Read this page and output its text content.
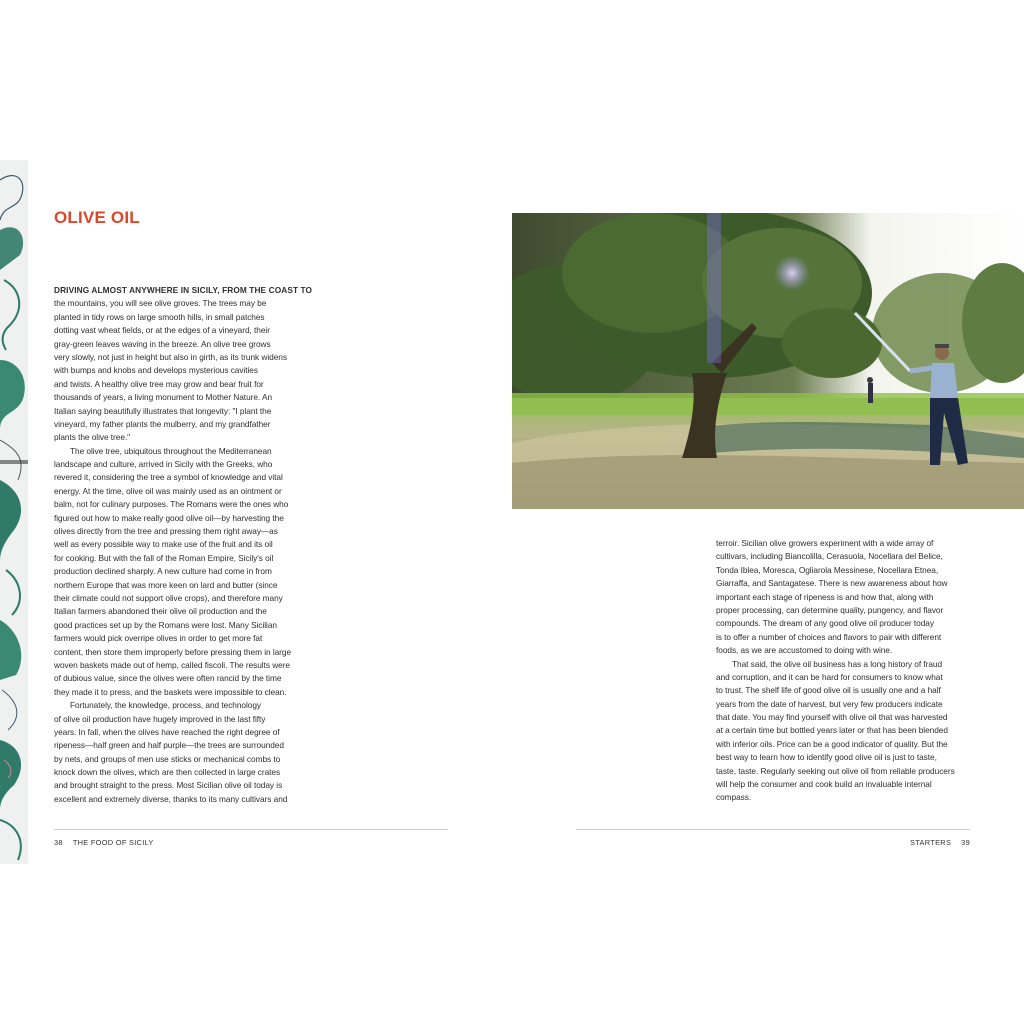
OLIVE OIL
DRIVING ALMOST ANYWHERE IN SICILY, FROM THE COAST TO
the mountains, you will see olive groves. The trees may be
planted in tidy rows on large smooth hills, in small patches
dotting vast wheat fields, or at the edges of a vineyard, their
gray-green leaves waving in the breeze. An olive tree grows
very slowly, not just in height but also in girth, as its trunk widens
with bumps and knobs and develops mysterious cavities
and twists. A healthy olive tree may grow and bear fruit for
thousands of years, a living monument to Mother Nature. An
Italian saying beautifully illustrates that longevity: "I plant the
vineyard, my father plants the mulberry, and my grandfather
plants the olive tree."
The olive tree, ubiquitous throughout the Mediterranean
landscape and culture, arrived in Sicily with the Greeks, who
revered it, considering the tree a symbol of knowledge and vital
energy. At the time, olive oil was mainly used as an ointment or
balm, not for culinary purposes. The Romans were the ones who
figured out how to make really good olive oil—by harvesting the
olives directly from the tree and pressing them right away—as
well as every possible way to make use of the fruit and its oil
for cooking. But with the fall of the Roman Empire, Sicily's oil
production declined sharply. A new culture had come in from
northern Europe that was more keen on lard and butter (since
their climate could not support olive crops), and therefore many
Italian farmers abandoned their olive oil production and the
good practices set up by the Romans were lost. Many Sicilian
farmers would pick overripe olives in order to get more fat
content, then store them improperly before pressing them in large
woven baskets made out of hemp, called fiscoli. The results were
of dubious value, since the olives were often rancid by the time
they made it to press, and the baskets were impossible to clean.
Fortunately, the knowledge, process, and technology
of olive oil production have hugely improved in the last fifty
years. In fall, when the olives have reached the right degree of
ripeness—half green and half purple—the trees are surrounded
by nets, and groups of men use sticks or mechanical combs to
knock down the olives, which are then collected in large crates
and brought straight to the press. Most Sicilian olive oil today is
excellent and extremely diverse, thanks to its many cultivars and
terroir. Sicilian olive growers experiment with a wide array of
cultivars, including Biancolilla, Cerasuola, Nocellara del Belice,
Tonda Iblea, Moresca, Ogliarola Messinese, Nocellara Etnea,
Giarraffa, and Santagatese. There is new awareness about how
important each stage of ripeness is and how that, along with
proper processing, can determine quality, pungency, and flavor
compounds. The dream of any good olive oil producer today
is to offer a number of choices and flavors to pair with different
foods, as we are accustomed to doing with wine.
That said, the olive oil business has a long history of fraud
and corruption, and it can be hard for consumers to know what
to trust. The shelf life of good olive oil is usually one and a half
years from the date of harvest, but very few producers indicate
that date. You may find yourself with olive oil that was harvested
at a certain time but bottled years later or that has been blended
with inferior oils. Price can be a good indicator of quality. But the
best way to learn how to identify good olive oil is just to taste,
taste, taste. Regularly seeking out olive oil from reliable producers
will help the consumer and cook build an invaluable internal
compass.
38 THE FOOD OF SICILY	STARTERS 39
